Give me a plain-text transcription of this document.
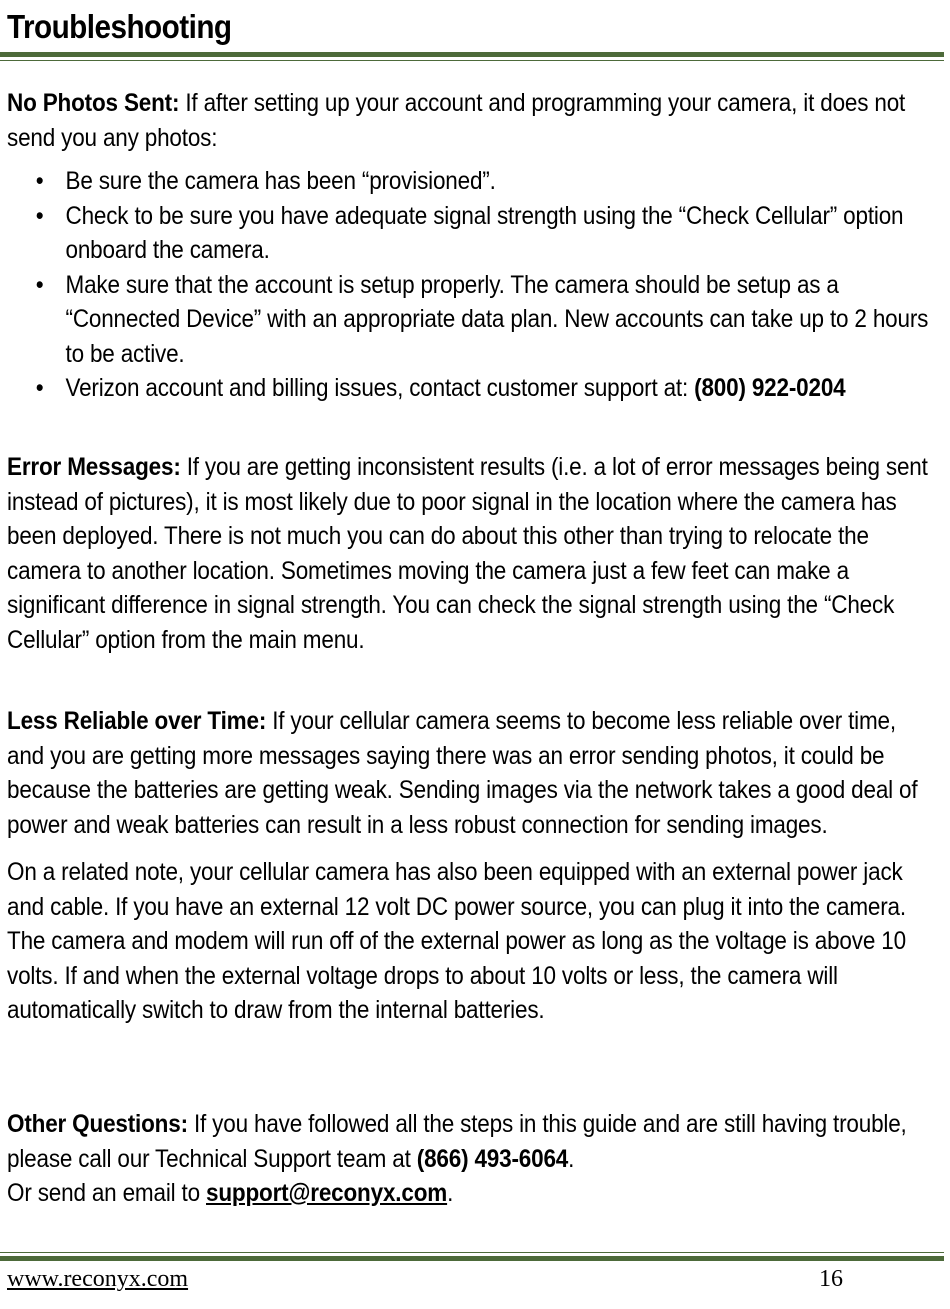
Troubleshooting

No Photos Sent: If after setting up your account and programming your camera, it does not send you any photos:

• Be sure the camera has been “provisioned”.
• Check to be sure you have adequate signal strength using the “Check Cellular” option onboard the camera.
• Make sure that the account is setup properly. The camera should be setup as a “Connected Device” with an appropriate data plan. New accounts can take up to 2 hours to be active.
• Verizon account and billing issues, contact customer support at: (800) 922-0204

Error Messages: If you are getting inconsistent results (i.e. a lot of error messages being sent instead of pictures), it is most likely due to poor signal in the location where the camera has been deployed. There is not much you can do about this other than trying to relocate the camera to another location. Sometimes moving the camera just a few feet can make a significant difference in signal strength. You can check the signal strength using the “Check Cellular” option from the main menu.

Less Reliable over Time: If your cellular camera seems to become less reliable over time, and you are getting more messages saying there was an error sending photos, it could be because the batteries are getting weak. Sending images via the network takes a good deal of power and weak batteries can result in a less robust connection for sending images.

On a related note, your cellular camera has also been equipped with an external power jack and cable. If you have an external 12 volt DC power source, you can plug it into the camera. The camera and modem will run off of the external power as long as the voltage is above 10 volts. If and when the external voltage drops to about 10 volts or less, the camera will automatically switch to draw from the internal batteries.

Other Questions: If you have followed all the steps in this guide and are still having trouble, please call our Technical Support team at (866) 493-6064.
Or send an email to support@reconyx.com.

www.reconyx.com	16
